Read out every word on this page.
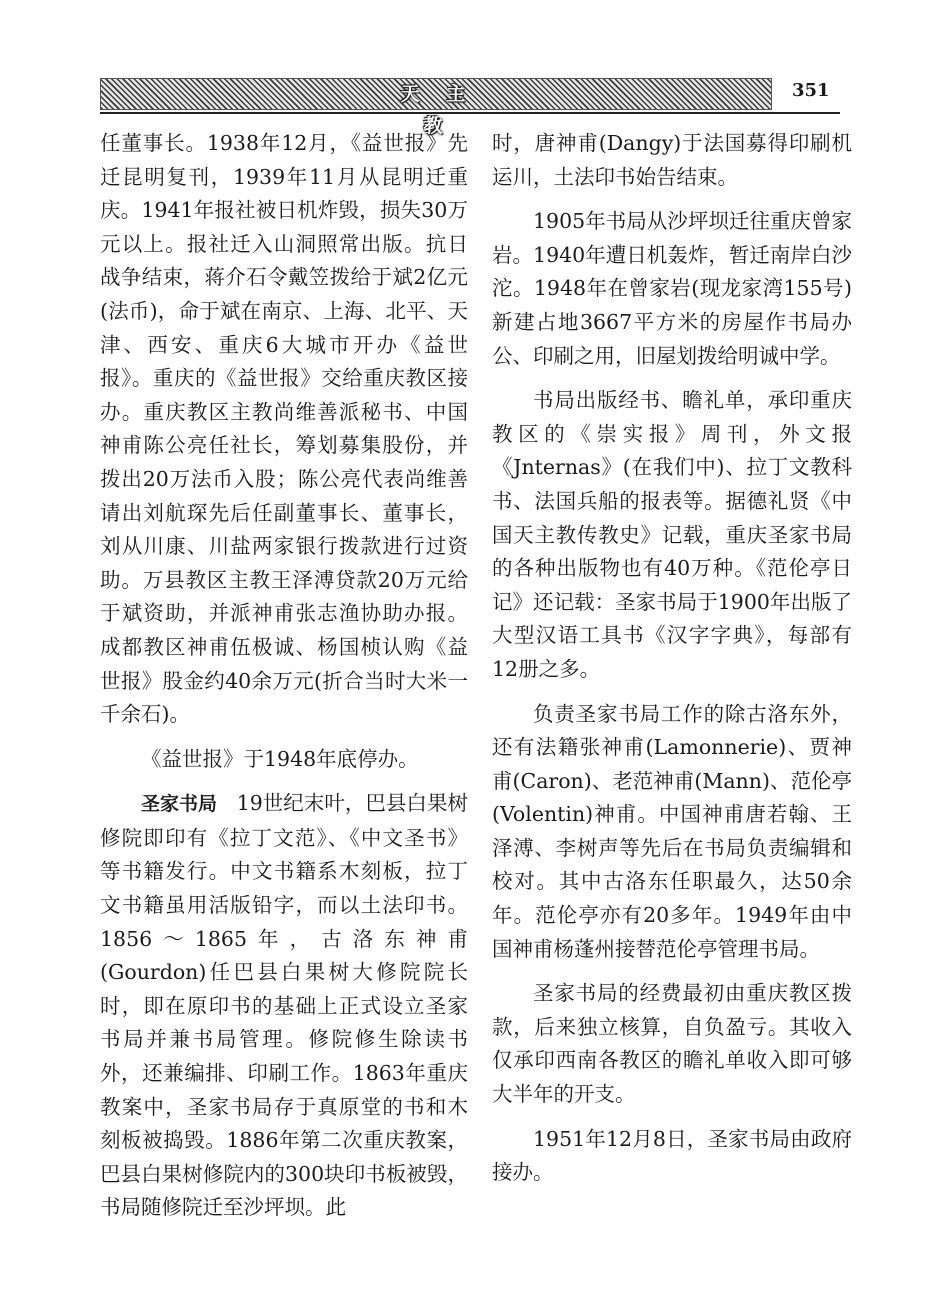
天 主 教
351

任董事长。1938年12月，《益世报》先迁昆明复刊，1939年11月从昆明迁重庆。1941年报社被日机炸毁，损失30万元以上。报社迁入山洞照常出版。抗日战争结束，蒋介石令戴笠拨给于斌2亿元(法币)，命于斌在南京、上海、北平、天津、西安、重庆6大城市开办《益世报》。重庆的《益世报》交给重庆教区接办。重庆教区主教尚维善派秘书、中国神甫陈公亮任社长，筹划募集股份，并拨出20万法币入股；陈公亮代表尚维善请出刘航琛先后任副董事长、董事长，刘从川康、川盐两家银行拨款进行过资助。万县教区主教王泽溥贷款20万元给于斌资助，并派神甫张志渔协助办报。成都教区神甫伍极诚、杨国桢认购《益世报》股金约40余万元(折合当时大米一千余石)。

《益世报》于1948年底停办。

圣家书局 19世纪末叶，巴县白果树修院即印有《拉丁文范》、《中文圣书》等书籍发行。中文书籍系木刻板，拉丁文书籍虽用活版铅字，而以土法印书。1856～1865年，古洛东神甫(Gourdon)任巴县白果树大修院院长时，即在原印书的基础上正式设立圣家书局并兼书局管理。修院修生除读书外，还兼编排、印刷工作。1863年重庆教案中，圣家书局存于真原堂的书和木刻板被捣毁。1886年第二次重庆教案，巴县白果树修院内的300块印书板被毁，书局随修院迁至沙坪坝。此

时，唐神甫(Dangy)于法国募得印刷机运川，土法印书始告结束。

1905年书局从沙坪坝迁往重庆曾家岩。1940年遭日机轰炸，暂迁南岸白沙沱。1948年在曾家岩(现龙家湾155号)新建占地3667平方米的房屋作书局办公、印刷之用，旧屋划拨给明诚中学。

书局出版经书、瞻礼单，承印重庆教区的《崇实报》周刊，外文报《Jnternas》(在我们中)、拉丁文教科书、法国兵船的报表等。据德礼贤《中国天主教传教史》记载，重庆圣家书局的各种出版物也有40万种。《范伦亭日记》还记载：圣家书局于1900年出版了大型汉语工具书《汉字字典》，每部有12册之多。

负责圣家书局工作的除古洛东外，还有法籍张神甫(Lamonnerie)、贾神甫(Caron)、老范神甫(Mann)、范伦亭(Volentin)神甫。中国神甫唐若翰、王泽溥、李树声等先后在书局负责编辑和校对。其中古洛东任职最久，达50余年。范伦亭亦有20多年。1949年由中国神甫杨蓬州接替范伦亭管理书局。

圣家书局的经费最初由重庆教区拨款，后来独立核算，自负盈亏。其收入仅承印西南各教区的瞻礼单收入即可够大半年的开支。

1951年12月8日，圣家书局由政府接办。
